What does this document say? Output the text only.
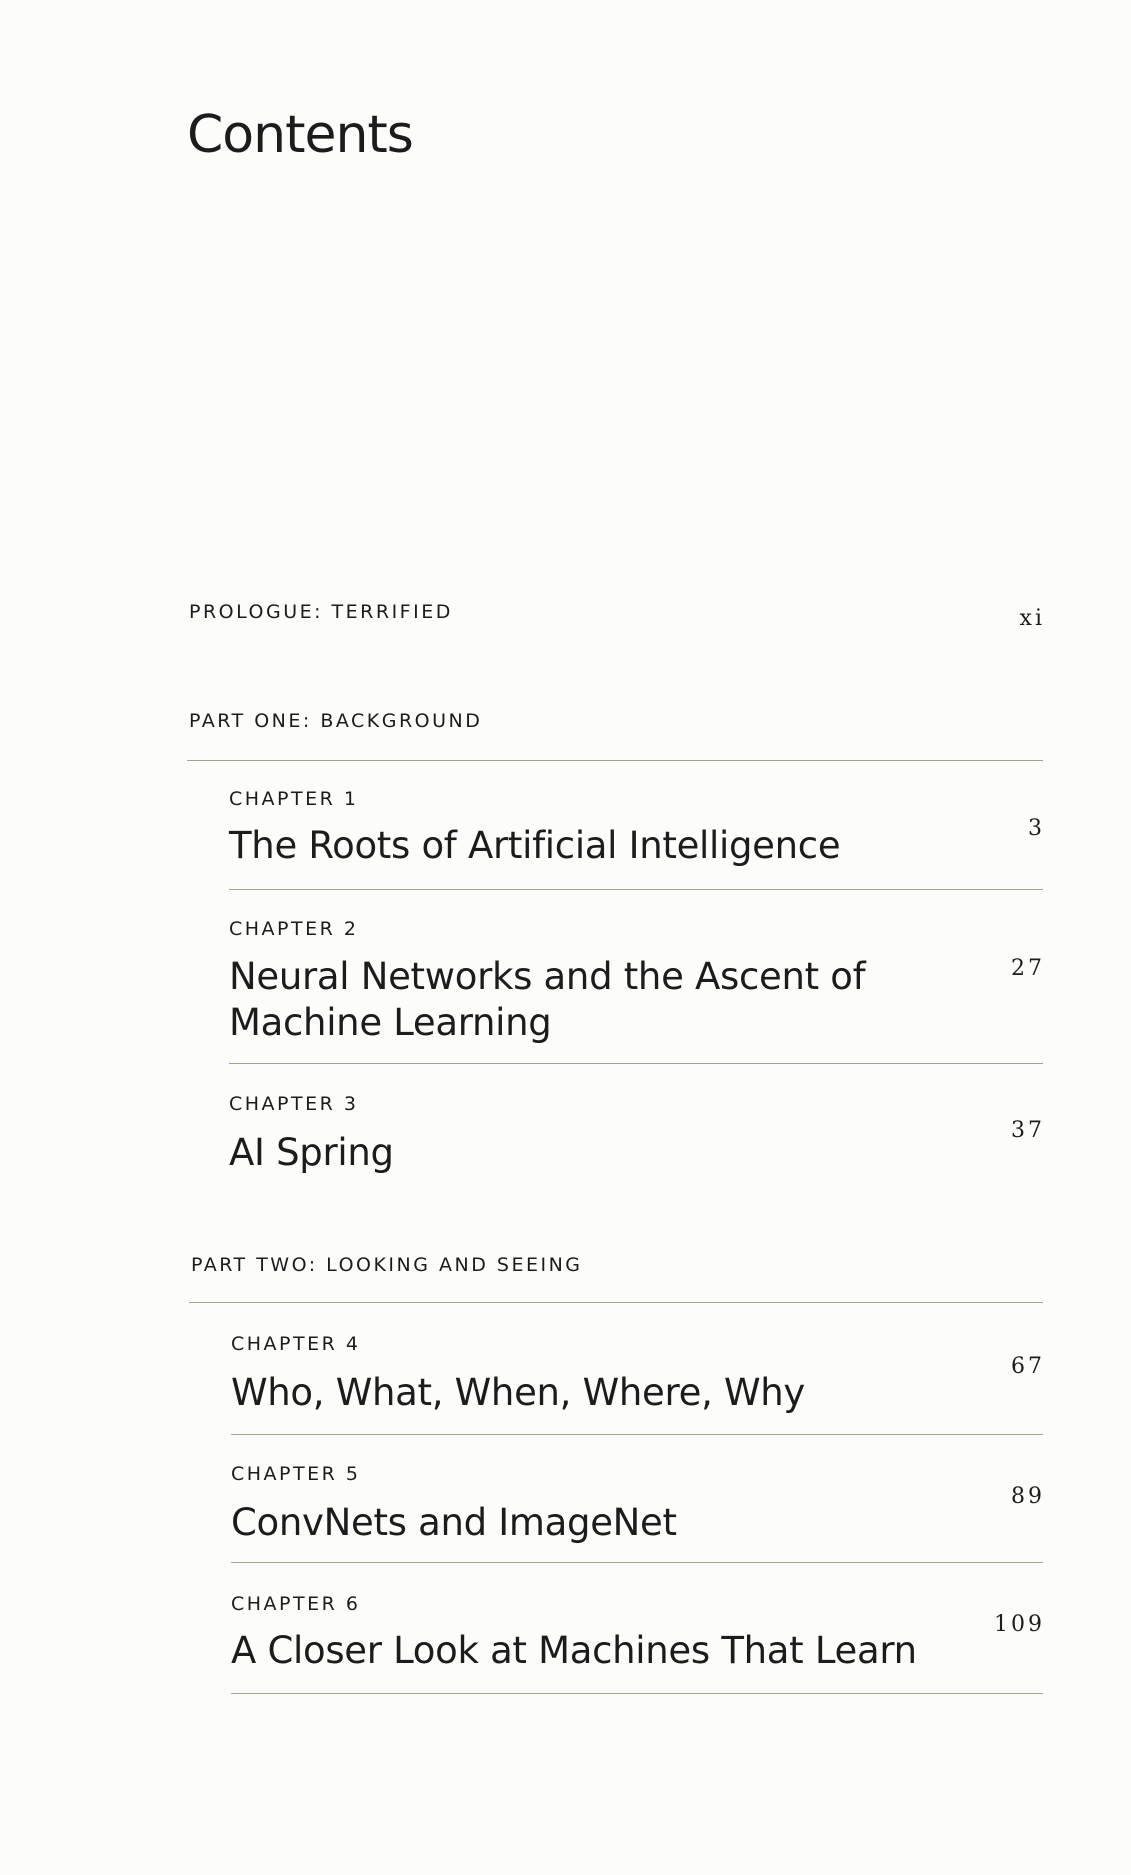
Contents
PROLOGUE: TERRIFIED	xi
PART ONE: BACKGROUND
CHAPTER 1
The Roots of Artificial Intelligence	3
CHAPTER 2
Neural Networks and the Ascent of Machine Learning
27
CHAPTER 3
AI Spring
37
PART TWO: LOOKING AND SEEING
CHAPTER 4
Who, What, When, Where, Why
67
CHAPTER 5
ConvNets and ImageNet
89
CHAPTER 6
A Closer Look at Machines That Learn
109
